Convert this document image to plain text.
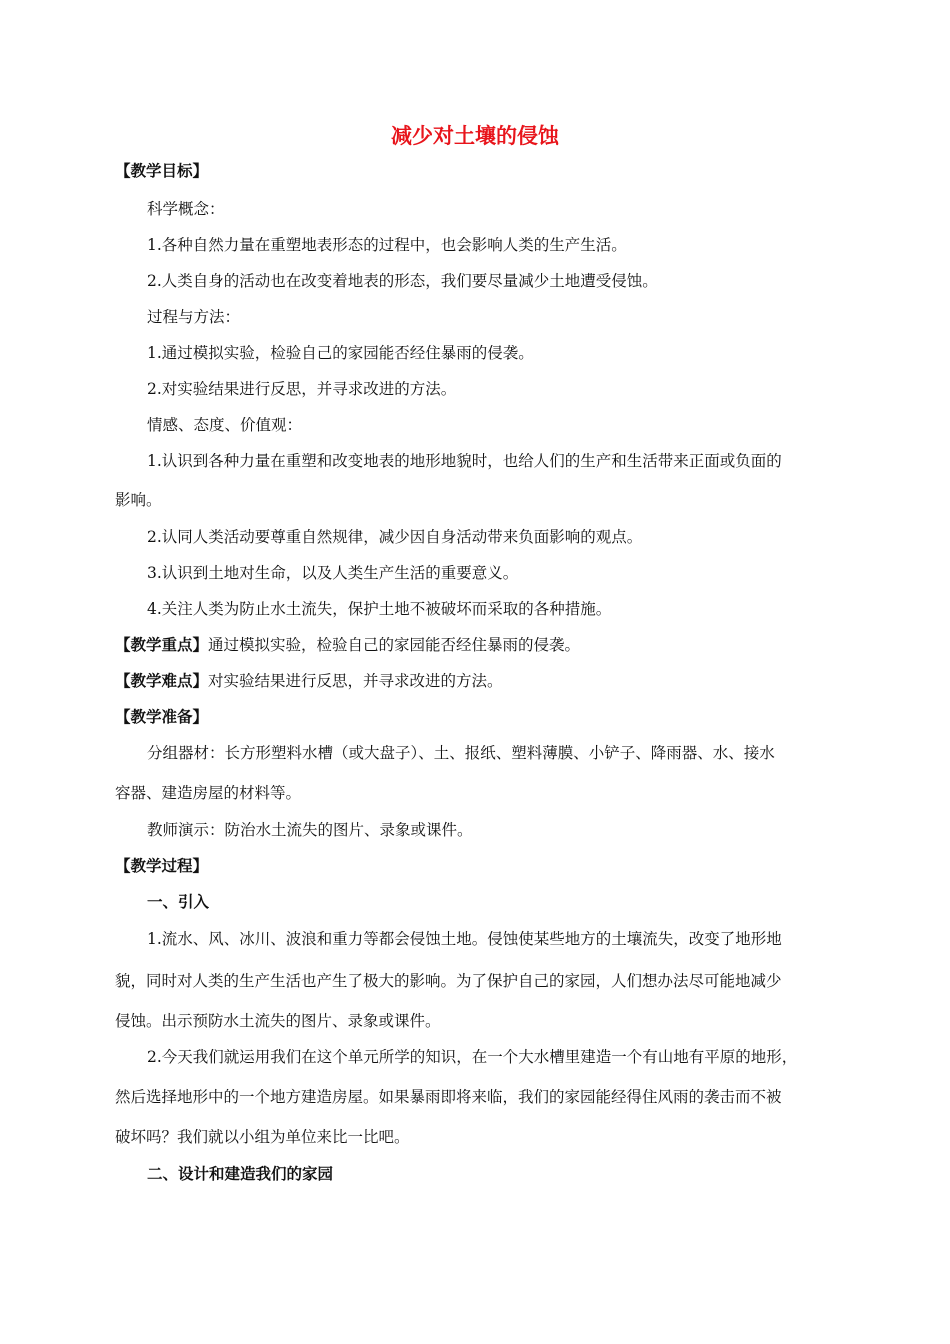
减少对土壤的侵蚀
【教学目标】
科学概念：
1.各种自然力量在重塑地表形态的过程中，也会影响人类的生产生活。
2.人类自身的活动也在改变着地表的形态，我们要尽量减少土地遭受侵蚀。
过程与方法：
1.通过模拟实验，检验自己的家园能否经住暴雨的侵袭。
2.对实验结果进行反思，并寻求改进的方法。
情感、态度、价值观：
1.认识到各种力量在重塑和改变地表的地形地貌时，也给人们的生产和生活带来正面或负面的
影响。
2.认同人类活动要尊重自然规律，减少因自身活动带来负面影响的观点。
3.认识到土地对生命，以及人类生产生活的重要意义。
4.关注人类为防止水土流失，保护土地不被破坏而采取的各种措施。
【教学重点】通过模拟实验，检验自己的家园能否经住暴雨的侵袭。
【教学难点】对实验结果进行反思，并寻求改进的方法。
【教学准备】
分组器材：长方形塑料水槽（或大盘子）、土、报纸、塑料薄膜、小铲子、降雨器、水、接水
容器、建造房屋的材料等。
教师演示：防治水土流失的图片、录象或课件。
【教学过程】
一、引入
1.流水、风、冰川、波浪和重力等都会侵蚀土地。侵蚀使某些地方的土壤流失，改变了地形地
貌，同时对人类的生产生活也产生了极大的影响。为了保护自己的家园，人们想办法尽可能地减少
侵蚀。出示预防水土流失的图片、录象或课件。
2.今天我们就运用我们在这个单元所学的知识，在一个大水槽里建造一个有山地有平原的地形，
然后选择地形中的一个地方建造房屋。如果暴雨即将来临，我们的家园能经得住风雨的袭击而不被
破坏吗？我们就以小组为单位来比一比吧。
二、设计和建造我们的家园
